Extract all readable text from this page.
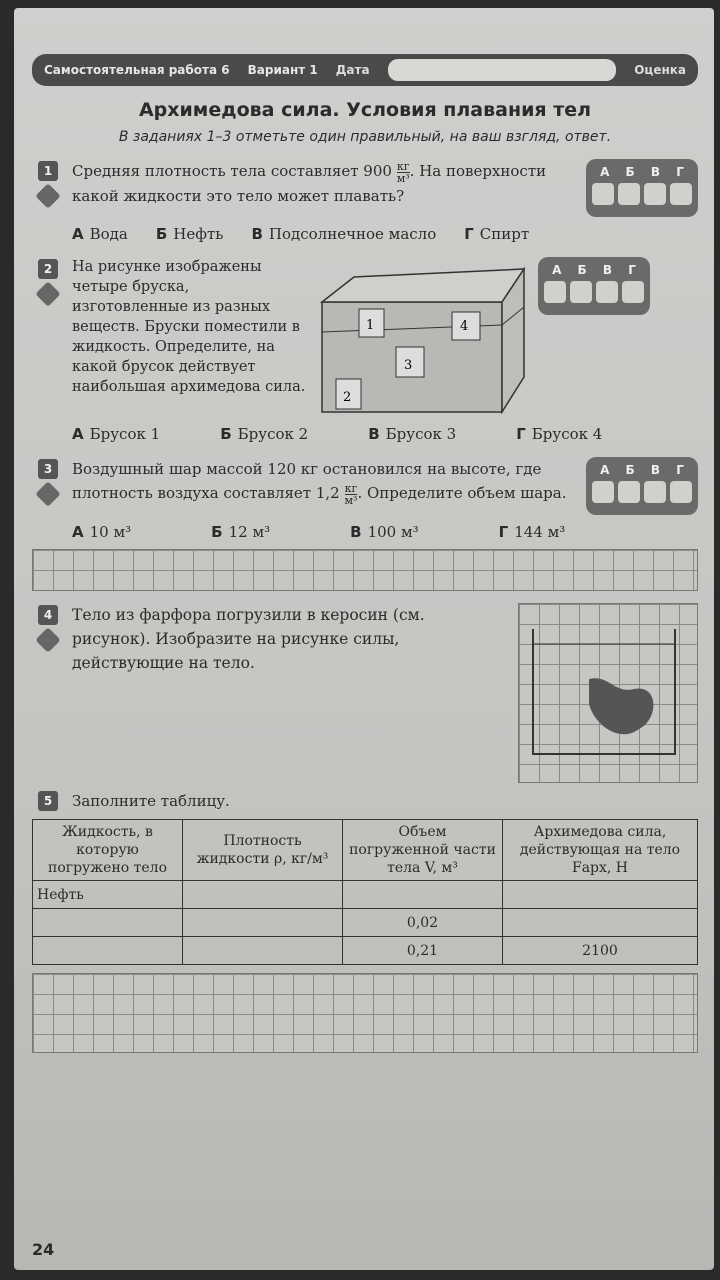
Самостоятельная работа 6 Вариант 1 Дата	Оценка
Архимедова сила. Условия плавания тел
В заданиях 1–3 отметьте один правильный, на ваш взгляд, ответ.
1	Средняя плотность тела составляет $900 \frac{кг}{\text{м³}}$. На поверхности какой жидкости это тело может плавать?
А Б В Г
А Вода Б Нефть В Подсолнечное масло Г Спирт
2	На рисунке изображены четыре бруска, изготовленные из разных веществ. Бруски поместили в жидкость. Определите, на какой брусок действует наибольшая архимедова сила.
1
2
3
4
А Б В Г
А Брусок 1	Б Брусок 2	В Брусок 3	Г Брусок 4
3	Воздушный шар массой 120 кг остановился на высоте, где плотность воздуха составляет $1,2 \frac{кг}{\text{м³}}$. Определите объем шара.
А Б В Г
А 10 м³	Б 12 м³	В 100 м³	Г 144 м³
4	Тело из фарфора погрузили в керосин (см. рисунок). Изобразите на рисунке силы, действующие на тело.
5	Заполните таблицу.
Жидкость, в которую погружено тело	Плотность жидкости ρ, кг/м³	Объем погруженной части тела V, м³	Архимедова сила, действующая на тело Fарх, Н
Нефть			
		0,02	
		0,21	2100
24
